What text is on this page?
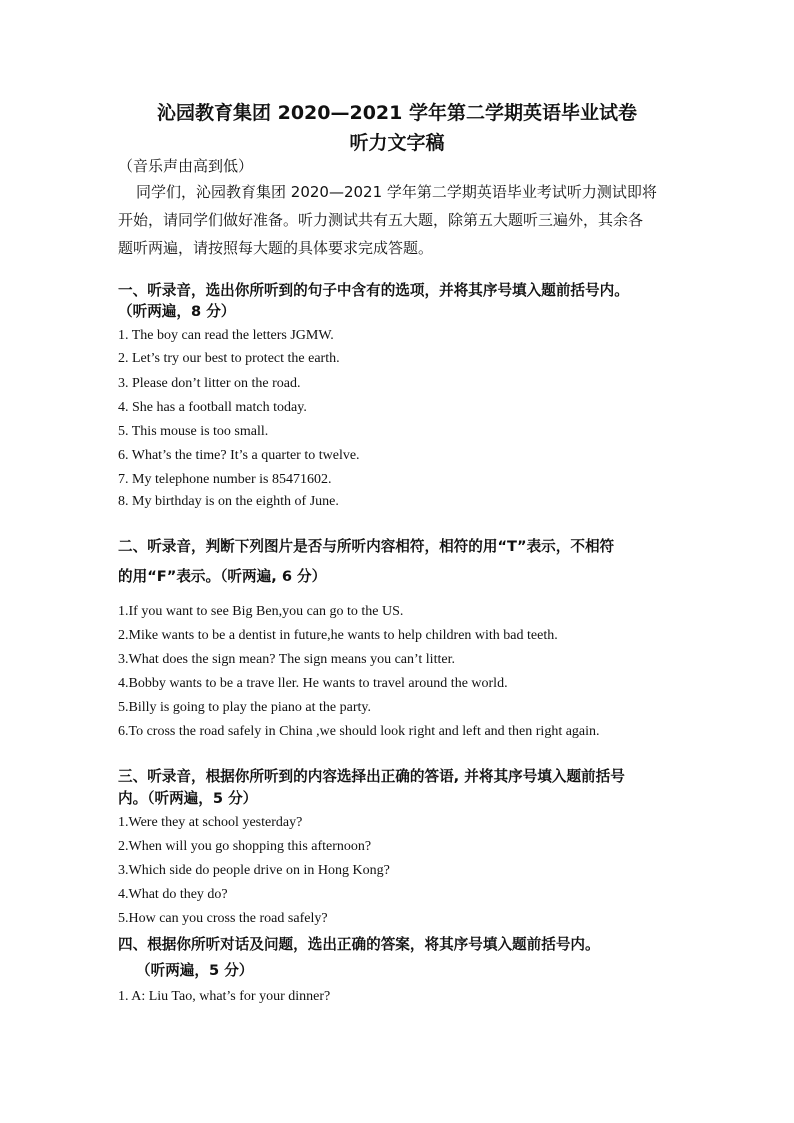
沁园教育集团 2020—2021 学年第二学期英语毕业试卷
听力文字稿
（音乐声由高到低）
同学们，沁园教育集团 2020—2021 学年第二学期英语毕业考试听力测试即将
开始，请同学们做好准备。听力测试共有五大题，除第五大题听三遍外，其余各
题听两遍，请按照每大题的具体要求完成答题。
一、听录音，选出你所听到的句子中含有的选项，并将其序号填入题前括号内。
（听两遍，8 分）
1. The boy can read the letters JGMW.
2. Let’s try our best to protect the earth.
3. Please don’t litter on the road.
4. She has a football match today.
5. This mouse is too small.
6. What’s the time? It’s a quarter to twelve.
7. My telephone number is 85471602.
8. My birthday is on the eighth of June.
二、听录音，判断下列图片是否与所听内容相符，相符的用“T”表示，不相符
的用“F”表示。（听两遍, 6 分）
1.If you want to see Big Ben,you can go to the US.
2.Mike wants to be a dentist in future,he wants to help children with bad teeth.
3.What does the sign mean? The sign means you can’t litter.
4.Bobby wants to be a trave ller. He wants to travel around the world.
5.Billy is going to play the piano at the party.
6.To cross the road safely in China ,we should look right and left and then right again.
三、听录音，根据你所听到的内容选择出正确的答语, 并将其序号填入题前括号
内。（听两遍，5 分）
1.Were they at school yesterday?
2.When will you go shopping this afternoon?
3.Which side do people drive on in Hong Kong?
4.What do they do?
5.How can you cross the road safely?
四、根据你所听对话及问题，选出正确的答案，将其序号填入题前括号内。
（听两遍，5 分）
1. A: Liu Tao, what’s for your dinner?
